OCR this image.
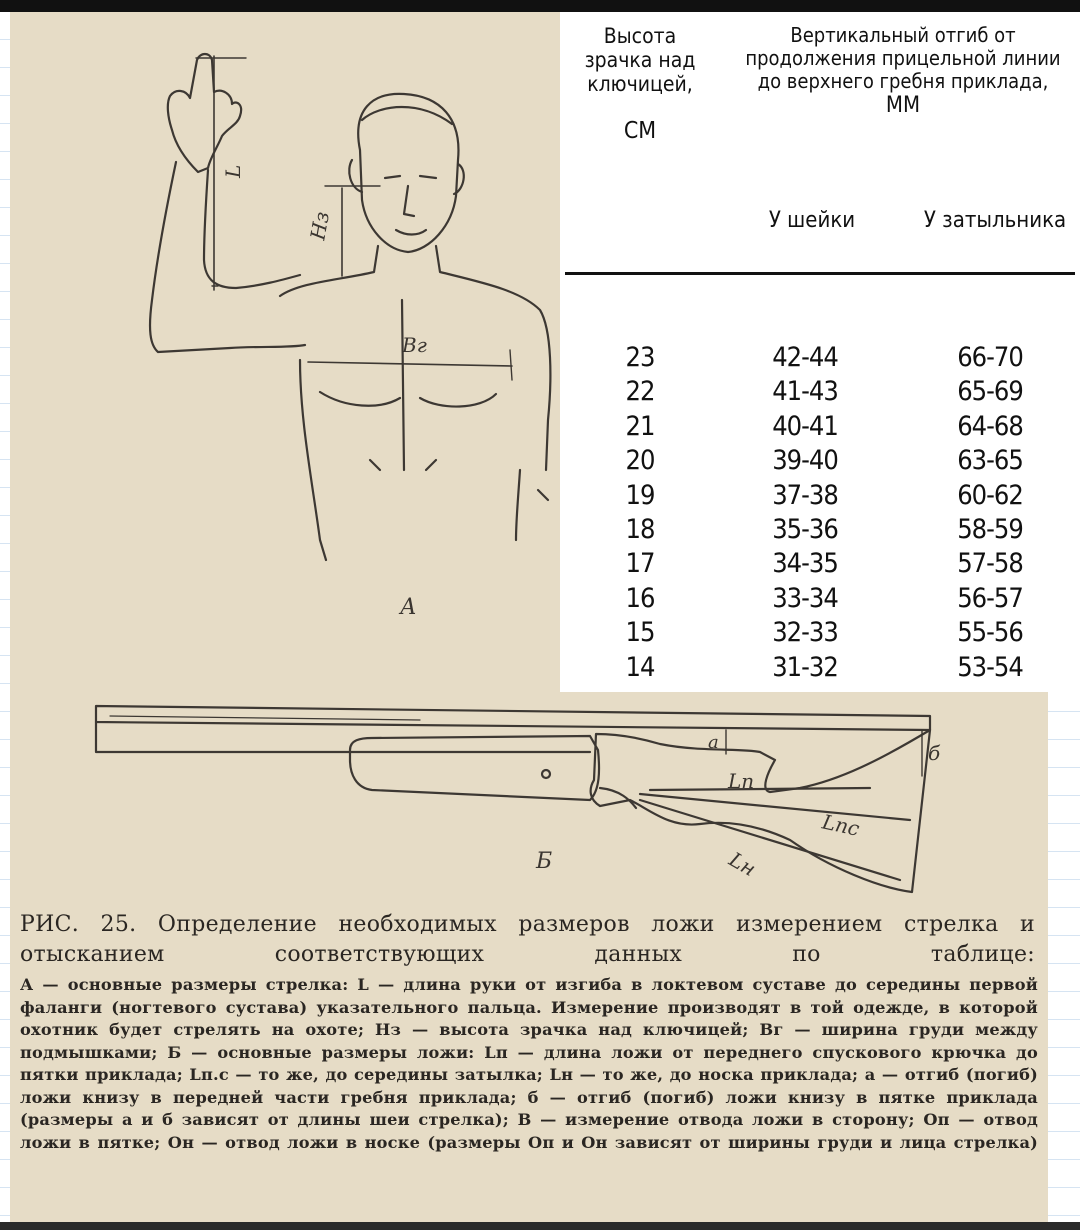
L
Hз
Bг
А
Б
a	б
Lп
Lпс
Lн
Высота зрачка над ключицей,
СМ
Вертикальный отгиб от продолжения прицельной линии до верхнего гребня приклада,
ММ
У шейки	У затыльника
23	42-44	66-70
22	41-43	65-69
21	40-41	64-68
20	39-40	63-65
19	37-38	60-62
18	35-36	58-59
17	34-35	57-58
16	33-34	56-57
15	32-33	55-56
14	31-32	53-54
РИС. 25. Определение необходимых размеров ложи измерением стрелка и отысканием соответствующих данных по таблице:
А — основные размеры стрелка: L — длина руки от изгиба в локтевом суставе до середины первой фаланги (ногтевого сустава) указательного пальца. Измерение производят в той одежде, в которой охотник будет стрелять на охоте; Hз — высота зрачка над ключицей; Bг — ширина груди между подмышками; Б — основные размеры ложи: Lп — длина ложи от переднего спускового крючка до пятки приклада; Lп.с — то же, до середины затылка; Lн — то же, до носка приклада; а — отгиб (погиб) ложи книзу в передней части гребня приклада; б — отгиб (погиб) ложи книзу в пятке приклада (размеры а и б зависят от длины шеи стрелка); В — измерение отвода ложи в сторону; Оп — отвод ложи в пятке; Он — отвод ложи в носке (размеры Оп и Он зависят от ширины груди и лица стрелка)
